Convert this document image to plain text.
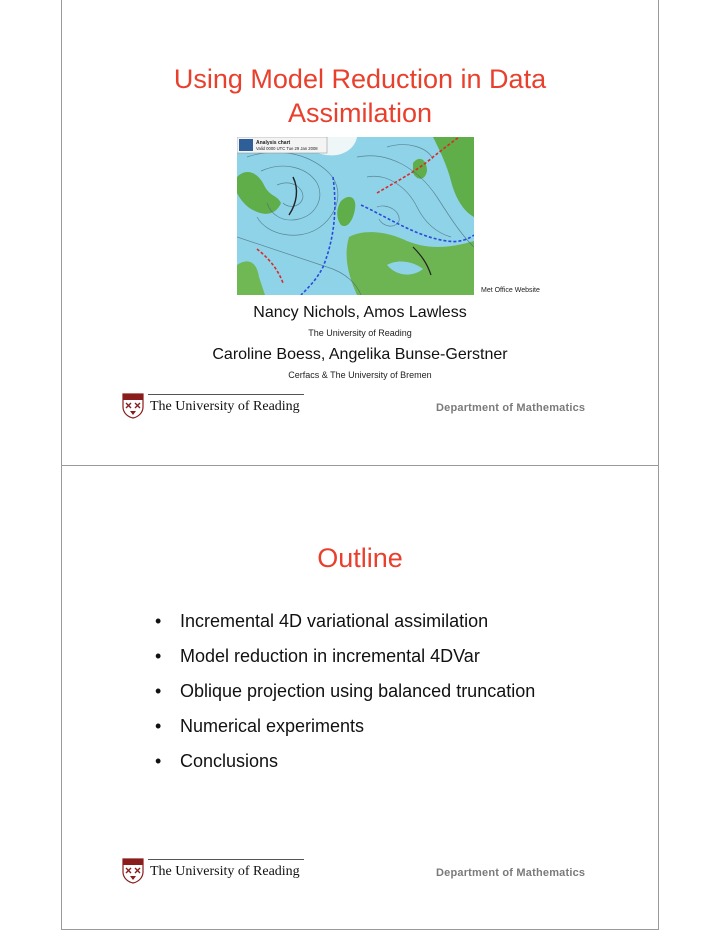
Using Model Reduction in Data
Assimilation
Analysis chart
Valid 0000 UTC Tue 29 Jan 2008
Met Office Website
Nancy Nichols, Amos Lawless
The University of Reading
Caroline Boess, Angelika Bunse-Gerstner
Cerfacs & The University of Bremen
The University of Reading	Department of Mathematics
Outline
• Incremental 4D variational assimilation
• Model reduction in incremental 4DVar
• Oblique projection using balanced truncation
• Numerical experiments
• Conclusions
The University of Reading	Department of Mathematics
